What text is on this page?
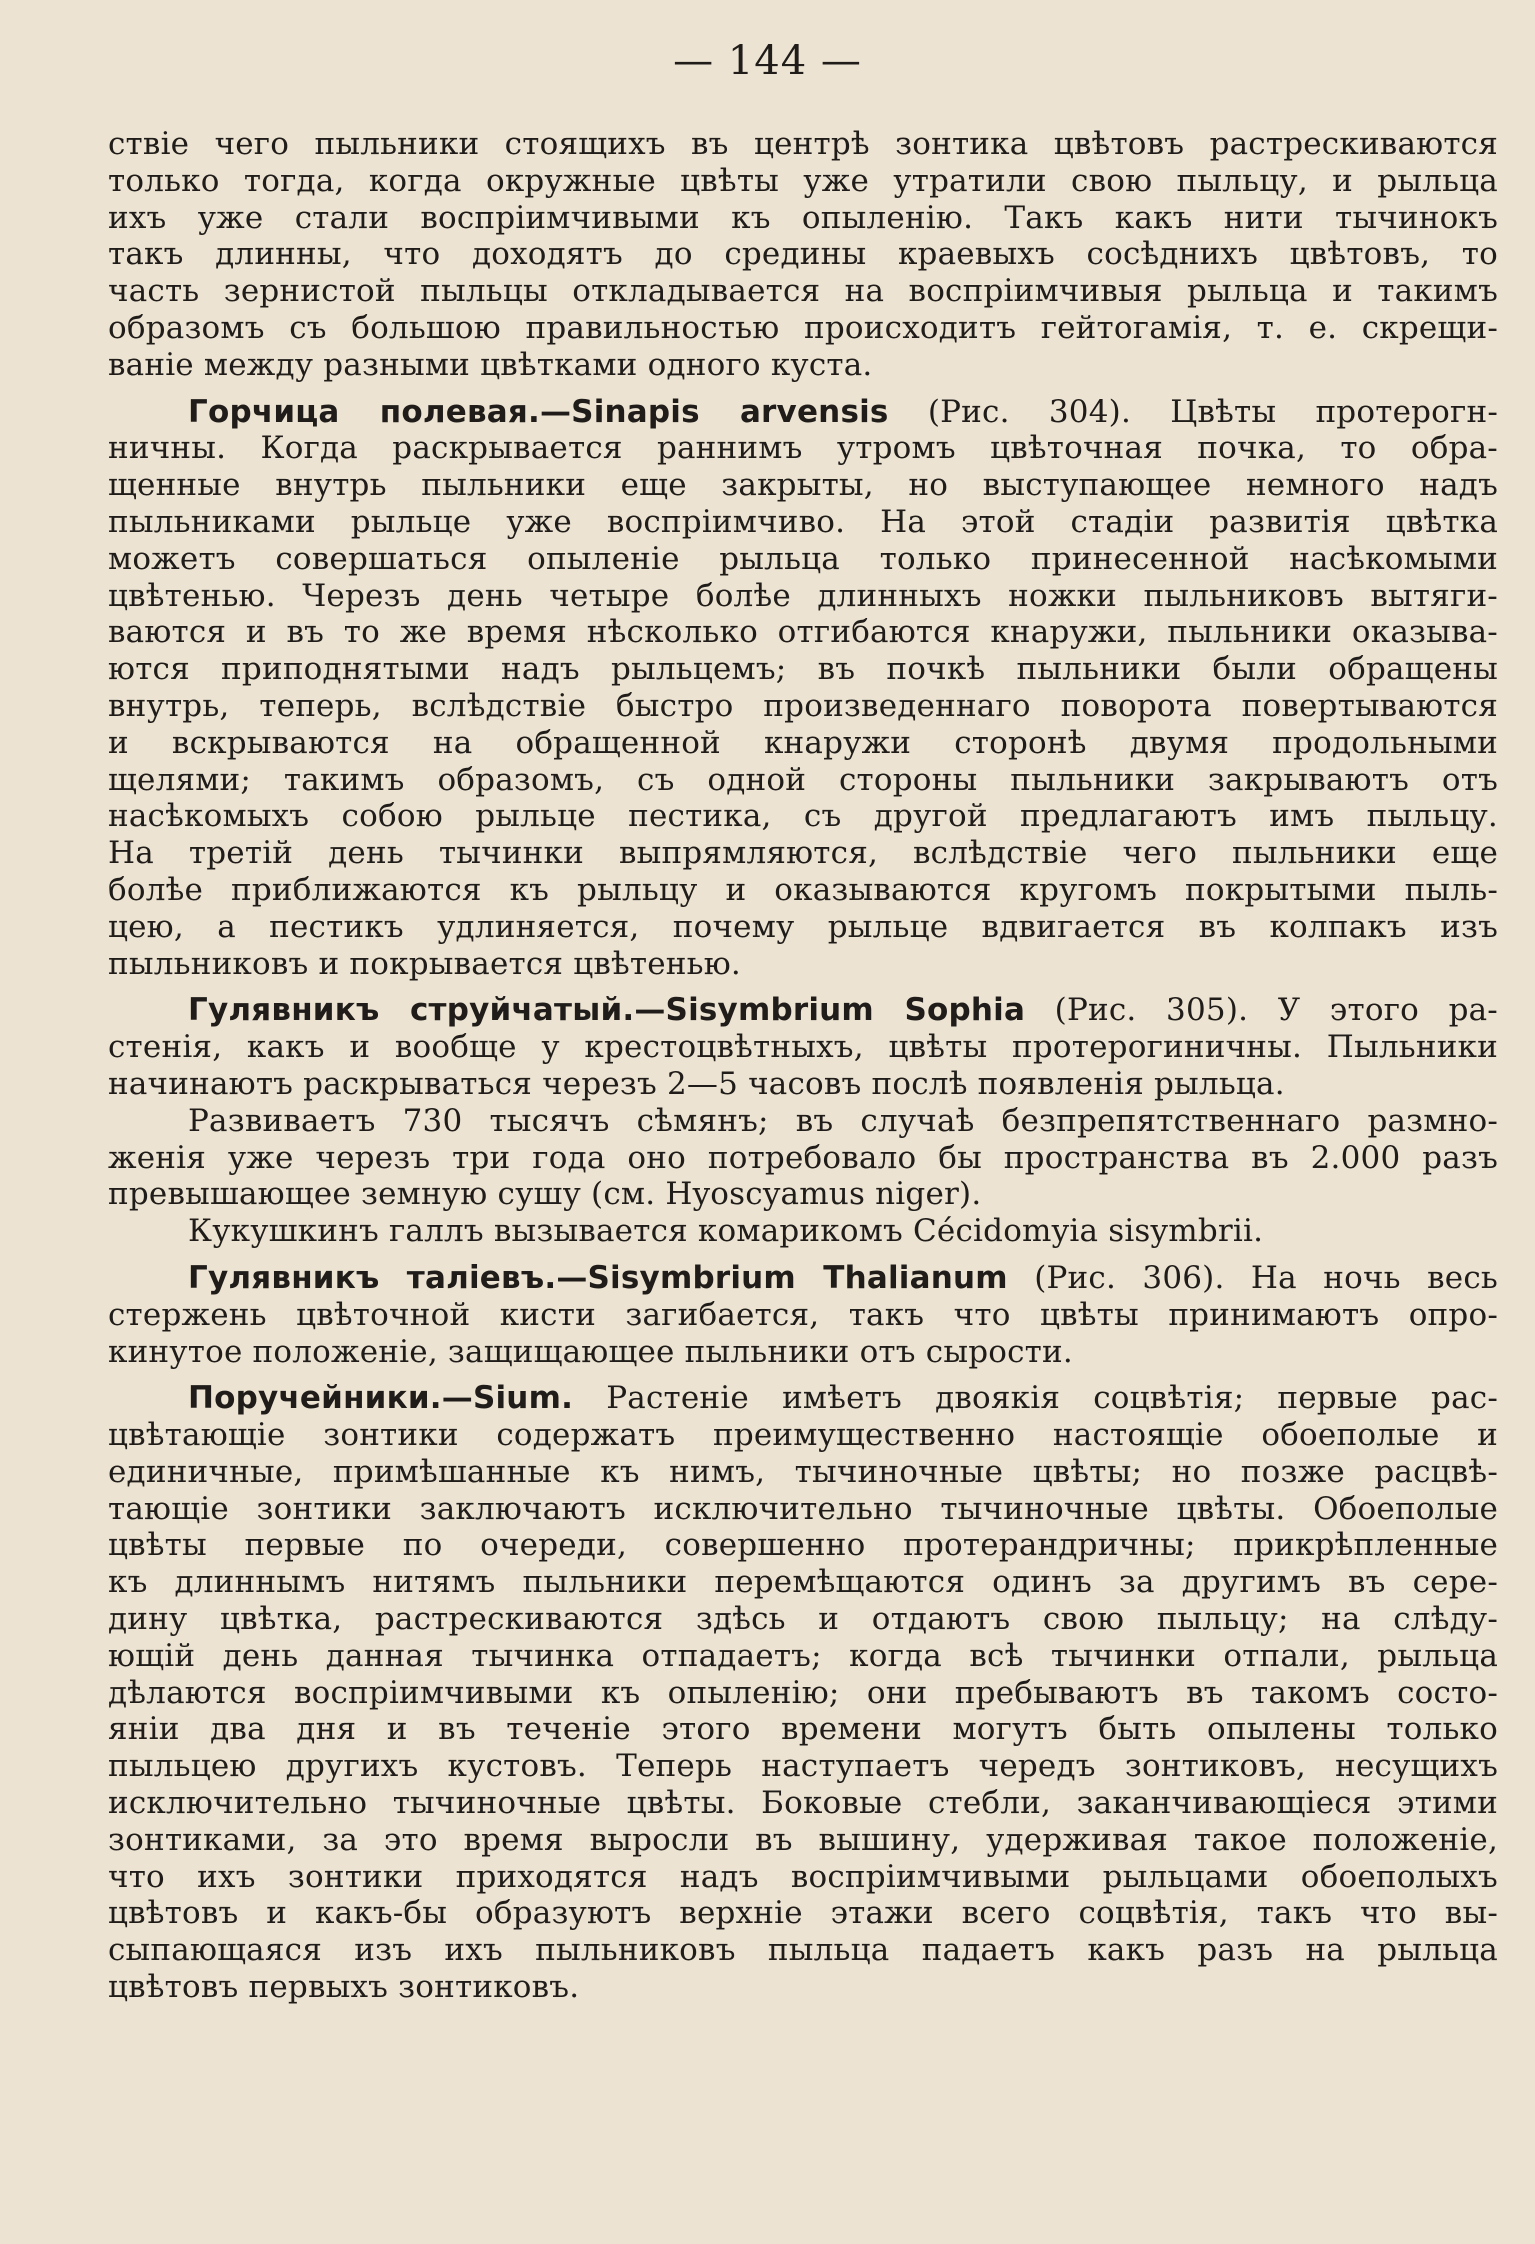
— 144 —
ствіе чего пыльники стоящихъ въ центрѣ зонтика цвѣтовъ растрескиваются
только тогда, когда окружные цвѣты уже утратили свою пыльцу, и рыльца
ихъ уже стали воспріимчивыми къ опыленію. Такъ какъ нити тычинокъ
такъ длинны, что доходятъ до средины краевыхъ сосѣднихъ цвѣтовъ, то
часть зернистой пыльцы откладывается на воспріимчивыя рыльца и такимъ
образомъ съ большою правильностью происходитъ гейтогамія, т. е. скрещи-
ваніе между разными цвѣтками одного куста.
Горчица полевая.—Sinapis arvensis (Рис. 304). Цвѣты протерогн-
ничны. Когда раскрывается раннимъ утромъ цвѣточная почка, то обра-
щенные внутрь пыльники еще закрыты, но выступающее немного надъ
пыльниками рыльце уже воспріимчиво. На этой стадіи развитія цвѣтка
можетъ совершаться опыленіе рыльца только принесенной насѣкомыми
цвѣтенью. Черезъ день четыре болѣе длинныхъ ножки пыльниковъ вытяги-
ваются и въ то же время нѣсколько отгибаются кнаружи, пыльники оказыва-
ются приподнятыми надъ рыльцемъ; въ почкѣ пыльники были обращены
внутрь, теперь, вслѣдствіе быстро произведеннаго поворота повертываются
и вскрываются на обращенной кнаружи сторонѣ двумя продольными
щелями; такимъ образомъ, съ одной стороны пыльники закрываютъ отъ
насѣкомыхъ собою рыльце пестика, съ другой предлагаютъ имъ пыльцу.
На третій день тычинки выпрямляются, вслѣдствіе чего пыльники еще
болѣе приближаются къ рыльцу и оказываются кругомъ покрытыми пыль-
цею, а пестикъ удлиняется, почему рыльце вдвигается въ колпакъ изъ
пыльниковъ и покрывается цвѣтенью.
Гулявникъ струйчатый.—Sisymbrium Sophia (Рис. 305). У этого ра-
стенія, какъ и вообще у крестоцвѣтныхъ, цвѣты протерогиничны. Пыльники
начинаютъ раскрываться черезъ 2—5 часовъ послѣ появленія рыльца.
Развиваетъ 730 тысячъ сѣмянъ; въ случаѣ безпрепятственнаго размно-
женія уже черезъ три года оно потребовало бы пространства въ 2.000 разъ
превышающее земную сушу (см. Hyoscyamus niger).
Кукушкинъ галлъ вызывается комарикомъ Cécidomyia sisymbrii.
Гулявникъ таліевъ.—Sisymbrium Thalianum (Рис. 306). На ночь весь
стержень цвѣточной кисти загибается, такъ что цвѣты принимаютъ опро-
кинутое положеніе, защищающее пыльники отъ сырости.
Поручейники.—Sium. Растеніе имѣетъ двоякія соцвѣтія; первые рас-
цвѣтающіе зонтики содержатъ преимущественно настоящіе обоеполые и
единичные, примѣшанные къ нимъ, тычиночные цвѣты; но позже расцвѣ-
тающіе зонтики заключаютъ исключительно тычиночные цвѣты. Обоеполые
цвѣты первые по очереди, совершенно протерандричны; прикрѣпленные
къ длиннымъ нитямъ пыльники перемѣщаются одинъ за другимъ въ сере-
дину цвѣтка, растрескиваются здѣсь и отдаютъ свою пыльцу; на слѣду-
ющій день данная тычинка отпадаетъ; когда всѣ тычинки отпали, рыльца
дѣлаются воспріимчивыми къ опыленію; они пребываютъ въ такомъ состо-
яніи два дня и въ теченіе этого времени могутъ быть опылены только
пыльцею другихъ кустовъ. Теперь наступаетъ чередъ зонтиковъ, несущихъ
исключительно тычиночные цвѣты. Боковые стебли, заканчивающіеся этими
зонтиками, за это время выросли въ вышину, удерживая такое положеніе,
что ихъ зонтики приходятся надъ воспріимчивыми рыльцами обоеполыхъ
цвѣтовъ и какъ-бы образуютъ верхніе этажи всего соцвѣтія, такъ что вы-
сыпающаяся изъ ихъ пыльниковъ пыльца падаетъ какъ разъ на рыльца
цвѣтовъ первыхъ зонтиковъ.
